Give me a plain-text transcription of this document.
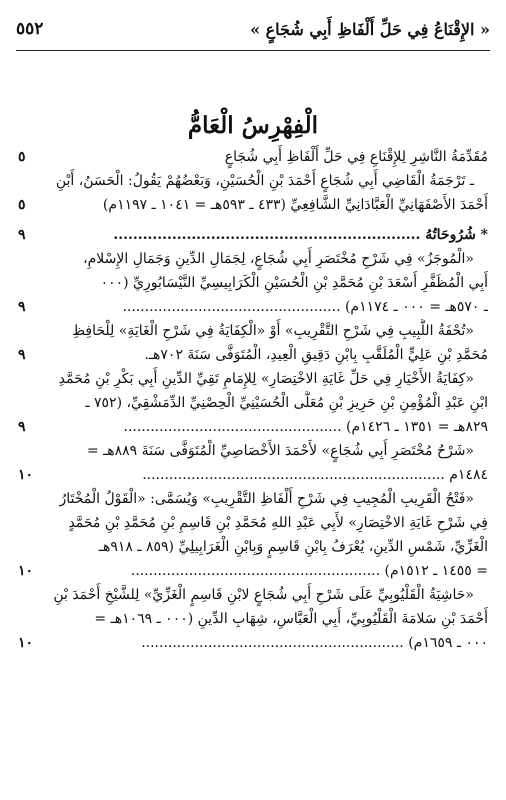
« الإِقْنَاعُ فِي حَلِّ أَلْفَاظِ أَبِي شُجَاعٍ »
٥٥٢
الْفِهْرِسُ الْعَامُّ
مُقَدِّمَةُ النَّاشِرِ لِلإِقْنَاعِ فِي حَلِّ أَلْفَاظِ أَبِي شُجَاعٍ
٥
ـ تَرْجَمَةُ الْقَاضِي أَبِي شُجَاعٍ أَحْمَدَ بْنِ الْحُسَيْنِ، وَبَعْضُهُمْ يَقُولُ: الْحَسَنُ، أَبْنِ
أَحْمَدَ الأَصْفَهَانِيِّ الْعَبَّادَانِيِّ الشَّافِعِيِّ (٤٣٣ ـ ٥٩٣هـ = ١٠٤١ ـ ١١٩٧م)
٥
* شُرُوحَاتُهُ ...............................................................
٩
«الْمُوجَزُ» فِي شَرْحِ مُخْتَصَرِ أَبِي شُجَاعٍ، لِجَمَالِ الدِّينِ وَجَمَالِ الإِسْلامِ،
أَبِي الْمُظَفَّرِ أَسْعَدَ بْنِ مُحَمَّدِ بْنِ الْحُسَيْنِ الْكَرَابِيسِيِّ النَّيْسَابُورِيِّ (٠٠٠
ـ ٥٧٠هـ = ٠٠٠ ـ ١١٧٤م) .................................................
٩
«تُحْفَةُ اللَّبِيبِ فِي شَرْحِ التَّقْرِيبِ» أَوْ «الْكِفَايَةُ فِي شَرْحِ الْغَايَةِ» لِلْحَافِظِ
مُحَمَّدِ بْنِ عَلِيٍّ الْمُلَقَّبِ بِابْنِ دَقِيقِ الْعِيدِ، الْمُتَوَفَّى سَنَةَ ٧٠٢هـ.
٩
«كِفَايَةُ الأَخْيَارِ فِي حَلِّ غَايَةِ الاخْتِصَارِ» لِلإِمَامِ تَقِيِّ الدِّينِ أَبِي بَكْرِ بْنِ مُحَمَّدِ
ابْنِ عَبْدِ الْمُؤْمِنِ بْنِ حَرِيزِ بْنِ مُعَلَّى الْحُسَيْنِيِّ الْحِصْنِيِّ الدِّمَشْقِيِّ، (٧٥٢ ـ
٨٢٩هـ = ١٣٥١ ـ ١٤٢٦م) .................................................
٩
«شَرْحُ مُخْتَصَرِ أَبِي شُجَاعٍ» لأَحْمَدَ الأَخْصَاصِيِّ الْمُتَوَفَّى سَنَةَ ٨٨٩هـ =
١٤٨٤م ....................................................................
١٠
«فَتْحُ الْقَرِيبِ الْمُجِيبِ فِي شَرْحِ أَلْفَاظِ التَّقْرِيبِ» وَيُسَمَّى: «الْقَوْلُ الْمُخْتَارُ
فِي شَرْحِ غَايَةِ الاخْتِصَارِ» لأَبِي عَبْدِ اللهِ مُحَمَّدِ بْنِ قَاسِمِ بْنِ مُحَمَّدِ بْنِ مُحَمَّدٍ
الْغَزِّيِّ، شَمْسِ الدِّينِ، يُعْرَفُ بِابْنِ قَاسِمٍ وَبِابْنِ الْغَرَابِيلِيِّ (٨٥٩ ـ ٩١٨هـ
= ١٤٥٥ ـ ١٥١٢م) ........................................................
١٠
«حَاشِيَةُ الْقَلْيُوبِيِّ عَلَى شَرْحِ أَبِي شُجَاعٍ لابْنِ قَاسِمٍ الْغَزِّيِّ» لِلشَّيْخِ أَحْمَدَ بْنِ
أَحْمَدَ بْنِ سَلامَةَ الْقَلْيُوبِيِّ، أَبِي الْعَبَّاسِ، شِهَابِ الدِّينِ (٠٠٠ ـ ١٠٦٩هـ =
٠٠٠ ـ ١٦٥٩م) ...........................................................
١٠
